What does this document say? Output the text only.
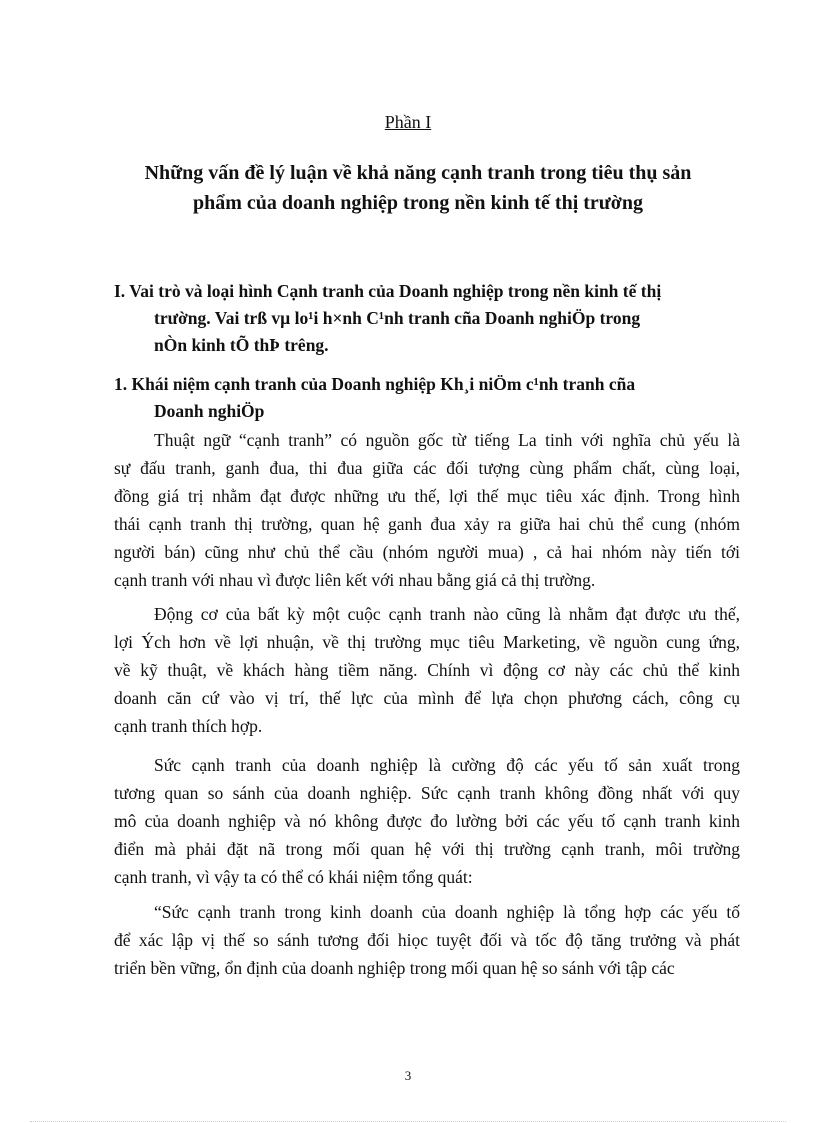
Phần I
Những vấn đề lý luận về khả năng cạnh tranh trong tiêu thụ sản
phẩm của doanh nghiệp trong nền kinh tế thị trường
I. Vai trò và loại hình Cạnh tranh của Doanh nghiệp trong nền kinh tế thị
trường. Vai trß vµ lo¹i h×nh C¹nh tranh cña Doanh nghiÖp trong
nÒn kinh tÕ thÞ trêng.
1. Khái niệm cạnh tranh của Doanh nghiệp Kh¸i niÖm c¹nh tranh cña
Doanh nghiÖp

Thuật ngữ “cạnh tranh” có nguồn gốc từ tiếng La tinh với nghĩa chủ yếu là
sự đấu tranh, ganh đua, thi đua giữa các đối tượng cùng phẩm chất, cùng loại,
đồng giá trị nhằm đạt được những ưu thế, lợi thế mục tiêu xác định. Trong hình
thái cạnh tranh thị trường, quan hệ ganh đua xảy ra giữa hai chủ thể cung (nhóm
người bán) cũng như chủ thể cầu (nhóm người mua) , cả hai nhóm này tiến tới
cạnh tranh với nhau vì được liên kết với nhau bằng giá cả thị trường.

Động cơ của bất kỳ một cuộc cạnh tranh nào cũng là nhằm đạt được ưu thế,
lợi Ých hơn về lợi nhuận, về thị trường mục tiêu Marketing, về nguồn cung ứng,
về kỹ thuật, về khách hàng tiềm năng. Chính vì động cơ này các chủ thể kinh
doanh căn cứ vào vị trí, thế lực của mình để lựa chọn phương cách, công cụ
cạnh tranh thích hợp.

Sức cạnh tranh của doanh nghiệp là cường độ các yếu tố sản xuất trong
tương quan so sánh của doanh nghiệp. Sức cạnh tranh không đồng nhất với quy
mô của doanh nghiệp và nó không được đo lường bởi các yếu tố cạnh tranh kinh
điển mà phải đặt nã trong mối quan hệ với thị trường cạnh tranh, môi trường
cạnh tranh, vì vậy ta có thể có khái niệm tổng quát:

“Sức cạnh tranh trong kinh doanh của doanh nghiệp là tổng hợp các yếu tố
để xác lập vị thế so sánh tương đối hiọc tuyệt đối và tốc độ tăng trưởng và phát
triển bền vững, ổn định của doanh nghiệp trong mối quan hệ so sánh với tập các

3
